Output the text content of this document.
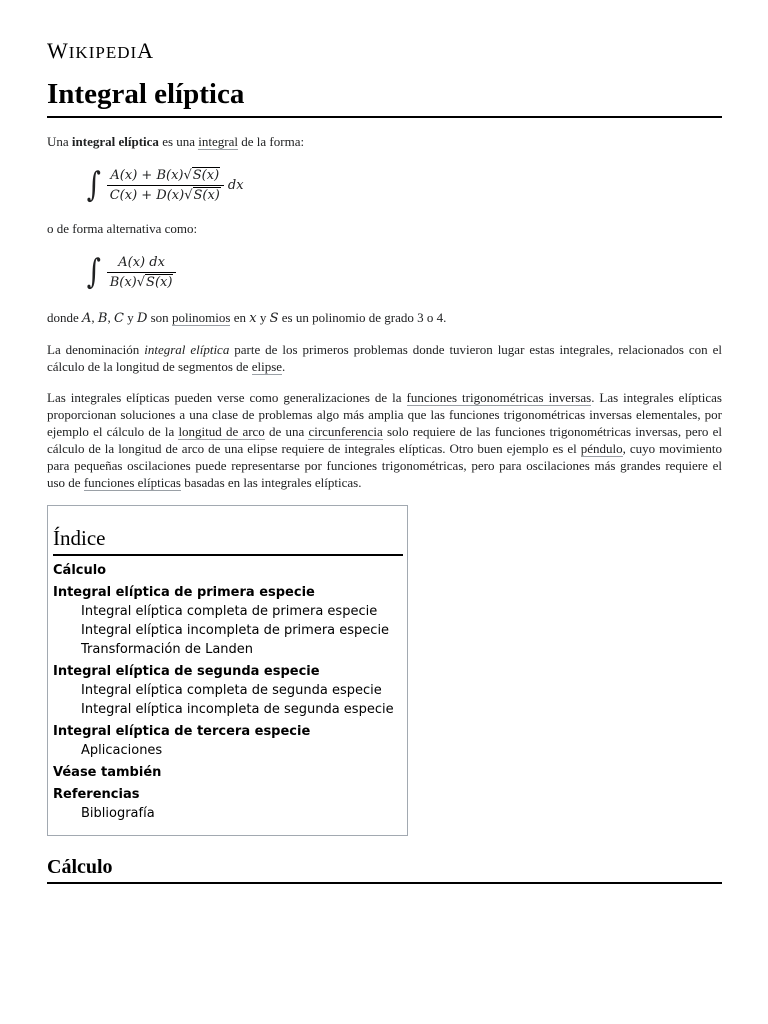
WIKIPEDIA
Integral elíptica

Una integral elíptica es una integral de la forma:

∫ $\frac{A(x) + B(x)√S(x)}{C(x) + D(x)√S(x)}$ dx

o de forma alternativa como:

∫ $\frac{A(x) dx}{B(x)√S(x)}$

donde A, B, C y D son polinomios en x y S es un polinomio de grado 3 o 4.

La denominación integral elíptica parte de los primeros problemas donde tuvieron lugar estas integrales, relacionados con el cálculo de la longitud de segmentos de elipse.

Las integrales elípticas pueden verse como generalizaciones de la funciones trigonométricas inversas. Las integrales elípticas proporcionan soluciones a una clase de problemas algo más amplia que las funciones trigonométricas inversas elementales, por ejemplo el cálculo de la longitud de arco de una circunferencia solo requiere de las funciones trigonométricas inversas, pero el cálculo de la longitud de arco de una elipse requiere de integrales elípticas. Otro buen ejemplo es el péndulo, cuyo movimiento para pequeñas oscilaciones puede representarse por funciones trigonométricas, pero para oscilaciones más grandes requiere el uso de funciones elípticas basadas en las integrales elípticas.

Índice
Cálculo
Integral elíptica de primera especie
Integral elíptica completa de primera especie
Integral elíptica incompleta de primera especie
Transformación de Landen
Integral elíptica de segunda especie
Integral elíptica completa de segunda especie
Integral elíptica incompleta de segunda especie
Integral elíptica de tercera especie
Aplicaciones
Véase también
Referencias
Bibliografía
Cálculo
